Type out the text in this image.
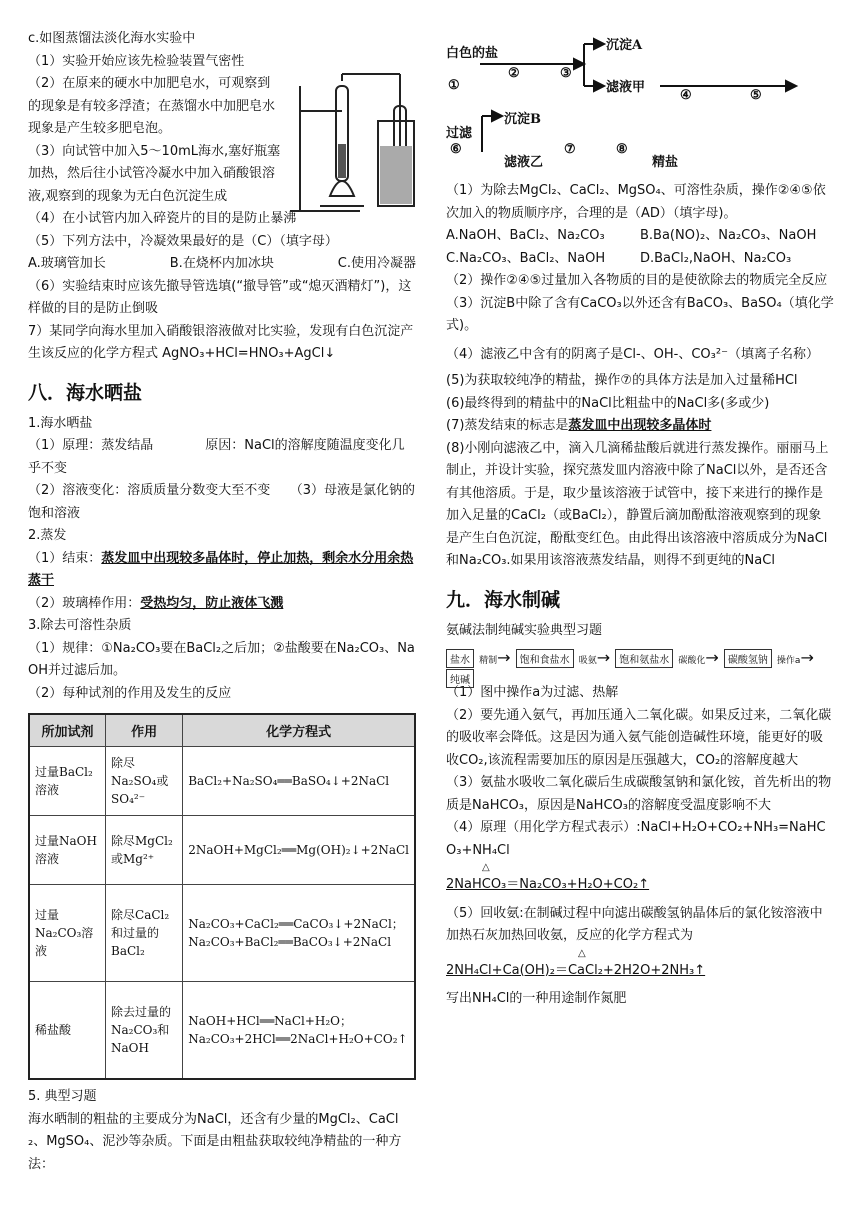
c.如图蒸馏法淡化海水实验中

（1）实验开始应该先检验装置气密性

（2）在原来的硬水中加肥皂水，可观察到的现象是有较多浮渣；在蒸馏水中加肥皂水现象是产生较多肥皂泡。

（3）向试管中加入5～10mL海水,塞好瓶塞加热，然后往小试管冷凝水中加入硝酸银溶液,观察到的现象为无白色沉淀生成

（4）在小试管内加入碎瓷片的目的是防止暴沸

（5）下列方法中，冷凝效果最好的是（C）（填字母）

A.玻璃管加长	B.在烧杯内加冰块	C.使用冷凝器

（6）实验结束时应该先撤导管选填(“撤导管”或“熄灭酒精灯”)，这样做的目的是防止倒吸

7）某同学向海水里加入硝酸银溶液做对比实验，发现有白色沉淀产生该反应的化学方程式 AgNO₃+HCl=HNO₃+AgCl↓

八．海水晒盐

1.海水晒盐

（1）原理：蒸发结晶　　　　原因：NaCl的溶解度随温度变化几乎不变

（2）溶液变化：溶质质量分数变大至不变　　（3）母液是氯化钠的饱和溶液

2.蒸发

（1）结束：蒸发皿中出现较多晶体时，停止加热，剩余水分用余热蒸干

（2）玻璃棒作用：受热均匀，防止液体飞溅

3.除去可溶性杂质

（1）规律：①Na₂CO₃要在BaCl₂之后加；②盐酸要在Na₂CO₃、NaOH并过滤后加。

（2）每种试剂的作用及发生的反应

所加试剂	作用	化学方程式
过量BaCl₂溶液	除尽Na₂SO₄或SO₄²⁻	BaCl₂+Na₂SO₄══BaSO₄↓+2NaCl
过量NaOH溶液	除尽MgCl₂或Mg²⁺	2NaOH+MgCl₂══Mg(OH)₂↓+2NaCl
过量Na₂CO₃溶液	除尽CaCl₂和过量的BaCl₂	Na₂CO₃+CaCl₂══CaCO₃↓+2NaCl；Na₂CO₃+BaCl₂══BaCO₃↓+2NaCl
稀盐酸	除去过量的Na₂CO₃和NaOH	NaOH+HCl══NaCl+H₂O；Na₂CO₃+2HCl══2NaCl+H₂O+CO₂↑

5. 典型习题

海水晒制的粗盐的主要成分为NaCl，还含有少量的MgCl₂、CaCl₂、MgSO₄、泥沙等杂质。下面是由粗盐获取较纯净精盐的一种方法：

白色的盐
①
②	③
沉淀A
滤液甲
④	⑤
过滤
⑥
沉淀B
滤液乙
⑦	⑧
精盐

（1）为除去MgCl₂、CaCl₂、MgSO₄、可溶性杂质，操作②④⑤依次加入的物质顺序序，合理的是（AD）（填字母)。

A.NaOH、BaCl₂、Na₂CO₃	B.Ba(NO)₂、Na₂CO₃、NaOH
C.Na₂CO₃、BaCl₂、NaOH	D.BaCl₂,NaOH、Na₂CO₃

（2）操作②④⑤过量加入各物质的目的是使欲除去的物质完全反应

（3）沉淀B中除了含有CaCO₃以外还含有BaCO₃、BaSO₄（填化学式)。

（4）滤液乙中含有的阴离子是Cl-、OH-、CO₃²⁻（填离子名称）

(5)为获取较纯净的精盐，操作⑦的具体方法是加入过量稀HCl

(6)最终得到的精盐中的NaCl比粗盐中的NaCl多(多或少)

(7)蒸发结束的标志是蒸发皿中出现较多晶体时

(8)小刚向滤液乙中，滴入几滴稀盐酸后就进行蒸发操作。丽丽马上制止，并设计实验，探究蒸发皿内溶液中除了NaCl以外，是否还含有其他溶质。于是，取少量该溶液于试管中，接下来进行的操作是加入足量的CaCl₂（或BaCl₂），静置后滴加酚酞溶液观察到的现象是产生白色沉淀，酚酞变红色。由此得出该溶液中溶质成分为NaCl和Na₂CO₃.如果用该溶液蒸发结晶，则得不到更纯的NaCl

九．海水制碱

氨碱法制纯碱实验典型习题

盐水 精制→ 饱和食盐水 吸氨→ 饱和氨盐水 碳酸化→ 碳酸氢钠 操作a→ 纯碱

（1）图中操作a为过滤、热解

（2）要先通入氨气，再加压通入二氧化碳。如果反过来，二氧化碳的吸收率会降低。这是因为通入氨气能创造碱性环境，能更好的吸收CO₂,该流程需要加压的原因是压强越大，CO₂的溶解度越大

（3）氨盐水吸收二氧化碳后生成碳酸氢钠和氯化铵，首先析出的物质是NaHCO₃，原因是NaHCO₃的溶解度受温度影响不大

（4）原理（用化学方程式表示）:NaCl+H₂O+CO₂+NH₃=NaHCO₃+NH₄Cl

△

2NaHCO₃＝Na₂CO₃+H₂O+CO₂↑

（5）回收氨:在制碱过程中向滤出碳酸氢钠晶体后的氯化铵溶液中加热石灰加热回收氨，反应的化学方程式为

△

2NH₄Cl+Ca(OH)₂＝CaCl₂+2H2O+2NH₃↑

写出NH₄Cl的一种用途制作氮肥
